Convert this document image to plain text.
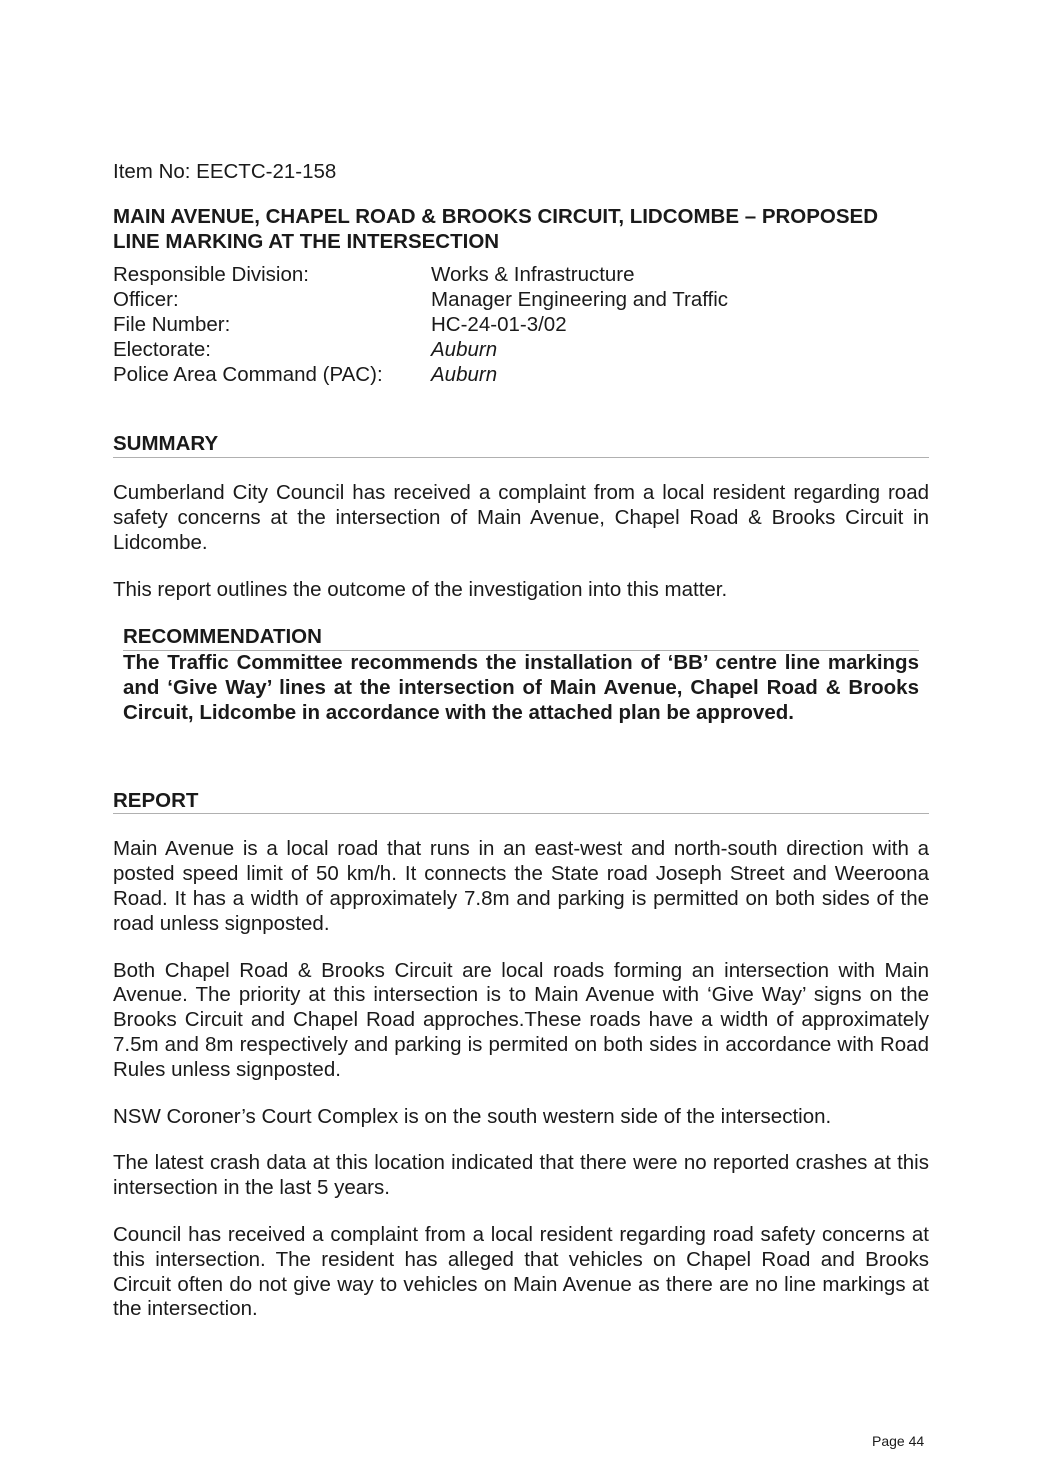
Item No: EECTC-21-158

MAIN AVENUE, CHAPEL ROAD & BROOKS CIRCUIT, LIDCOMBE – PROPOSED
LINE MARKING AT THE INTERSECTION
Responsible Division:	Works & Infrastructure
Officer:	Manager Engineering and Traffic
File Number:	HC-24-01-3/02
Electorate:	Auburn
Police Area Command (PAC):	Auburn
SUMMARY

Cumberland City Council has received a complaint from a local resident regarding road safety concerns at the intersection of Main Avenue, Chapel Road & Brooks Circuit in Lidcombe.

This report outlines the outcome of the investigation into this matter.

RECOMMENDATION

The Traffic Committee recommends the installation of ‘BB’ centre line markings and ‘Give Way’ lines at the intersection of Main Avenue, Chapel Road & Brooks Circuit, Lidcombe in accordance with the attached plan be approved.

REPORT

Main Avenue is a local road that runs in an east-west and north-south direction with a posted speed limit of 50 km/h. It connects the State road Joseph Street and Weeroona Road. It has a width of approximately 7.8m and parking is permitted on both sides of the road unless signposted.

Both Chapel Road & Brooks Circuit are local roads forming an intersection with Main Avenue. The priority at this intersection is to Main Avenue with ‘Give Way’ signs on the Brooks Circuit and Chapel Road approches.These roads have a width of approximately 7.5m and 8m respectively and parking is permited on both sides in accordance with Road Rules unless signposted.

NSW Coroner’s Court Complex is on the south western side of the intersection.

The latest crash data at this location indicated that there were no reported crashes at this intersection in the last 5 years.

Council has received a complaint from a local resident regarding road safety concerns at this intersection. The resident has alleged that vehicles on Chapel Road and Brooks Circuit often do not give way to vehicles on Main Avenue as there are no line markings at the intersection.

Page 44
